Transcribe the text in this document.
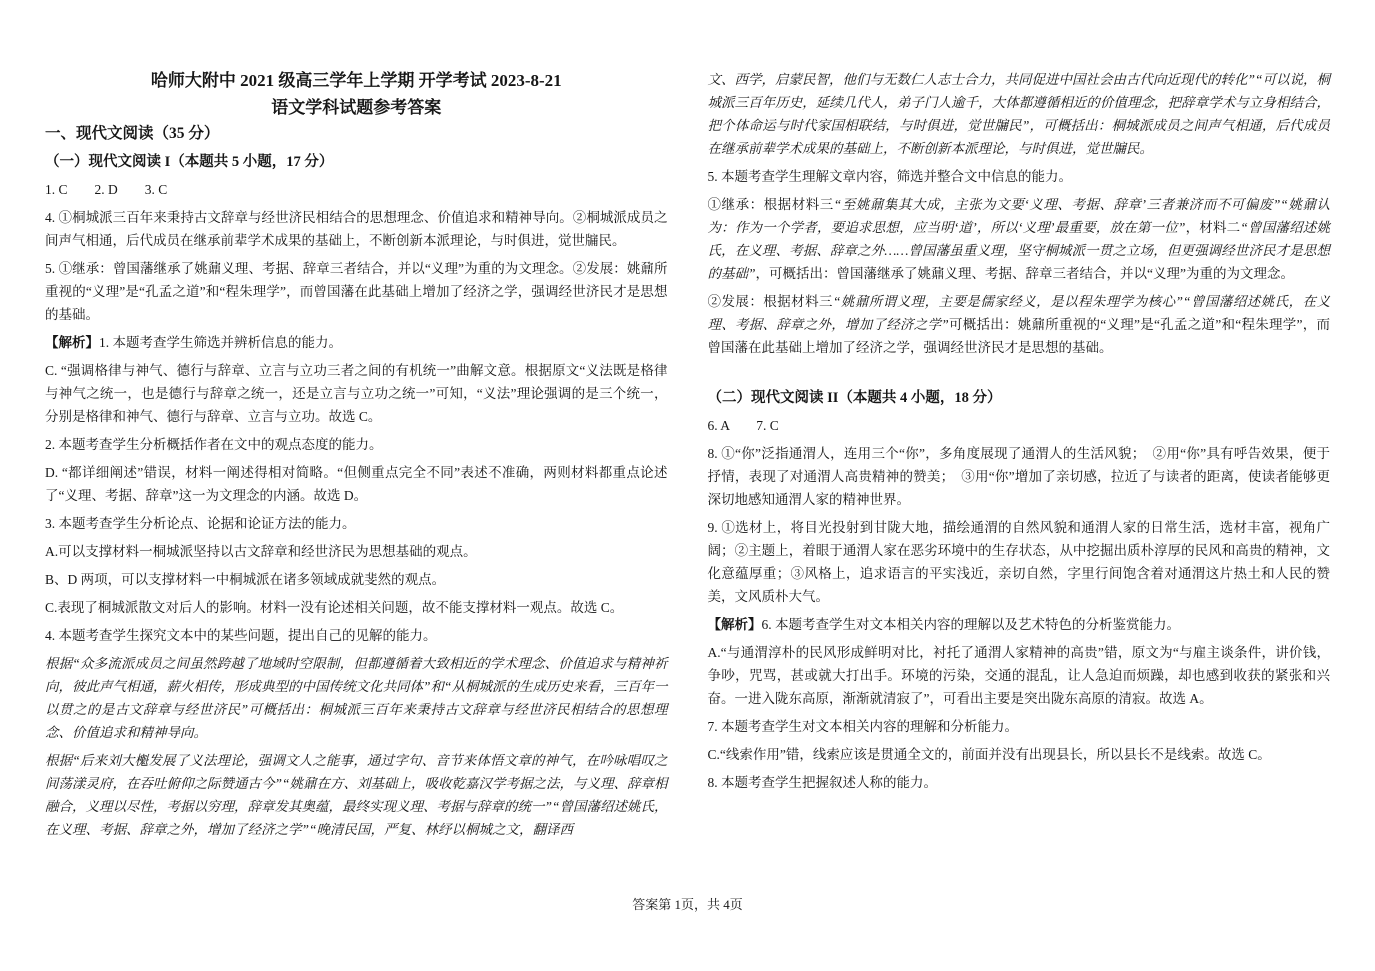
哈师大附中 2021 级高三学年上学期 开学考试 2023-8-21
语文学科试题参考答案

一、现代文阅读（35 分）

（一）现代文阅读 I（本题共 5 小题，17 分）

1. C　　2. D　　3. C

4. ①桐城派三百年来秉持古文辞章与经世济民相结合的思想理念、价值追求和精神导向。②桐城派成员之间声气相通，后代成员在继承前辈学术成果的基础上，不断创新本派理论，与时俱进，觉世牖民。

5. ①继承：曾国藩继承了姚鼐义理、考据、辞章三者结合，并以“义理”为重的为文理念。②发展：姚鼐所重视的“义理”是“孔孟之道”和“程朱理学”，而曾国藩在此基础上增加了经济之学，强调经世济民才是思想的基础。

【解析】1. 本题考查学生筛选并辨析信息的能力。

C. “强调格律与神气、德行与辞章、立言与立功三者之间的有机统一”曲解文意。根据原文“义法既是格律与神气之统一，也是德行与辞章之统一，还是立言与立功之统一”可知，“义法”理论强调的是三个统一，分别是格律和神气、德行与辞章、立言与立功。故选 C。

2. 本题考查学生分析概括作者在文中的观点态度的能力。

D. “都详细阐述”错误，材料一阐述得相对简略。“但侧重点完全不同”表述不准确，两则材料都重点论述了“义理、考据、辞章”这一为文理念的内涵。故选 D。

3. 本题考查学生分析论点、论据和论证方法的能力。

A.可以支撑材料一桐城派坚持以古文辞章和经世济民为思想基础的观点。

B、D 两项，可以支撑材料一中桐城派在诸多领域成就斐然的观点。

C.表现了桐城派散文对后人的影响。材料一没有论述相关问题，故不能支撑材料一观点。故选 C。

4. 本题考查学生探究文本中的某些问题，提出自己的见解的能力。

根据“众多流派成员之间虽然跨越了地域时空限制，但都遵循着大致相近的学术理念、价值追求与精神祈向，彼此声气相通，薪火相传，形成典型的中国传统文化共同体”和“从桐城派的生成历史来看，三百年一以贯之的是古文辞章与经世济民”可概括出：桐城派三百年来秉持古文辞章与经世济民相结合的思想理念、价值追求和精神导向。

根据“后来刘大櫆发展了义法理论，强调文人之能事，通过字句、音节来体悟文章的神气，在吟咏唱叹之间荡漾灵府，在吞吐俯仰之际赞通古今”“姚鼐在方、刘基础上，吸收乾嘉汉学考据之法，与义理、辞章相融合，义理以尽性，考据以穷理，辞章发其奥蕴，最终实现义理、考据与辞章的统一”“曾国藩绍述姚氏，在义理、考据、辞章之外，增加了经济之学”“晚清民国，严复、林纾以桐城之文，翻译西

文、西学，启蒙民智，他们与无数仁人志士合力，共同促进中国社会由古代向近现代的转化”“可以说，桐城派三百年历史，延续几代人，弟子门人逾千，大体都遵循相近的价值理念，把辞章学术与立身相结合，把个体命运与时代家国相联结，与时俱进，觉世牖民”，可概括出：桐城派成员之间声气相通，后代成员在继承前辈学术成果的基础上，不断创新本派理论，与时俱进，觉世牖民。

5. 本题考查学生理解文章内容，筛选并整合文中信息的能力。

①继承：根据材料三“至姚鼐集其大成，主张为文要‘义理、考据、辞章’三者兼济而不可偏废”“姚鼐认为：作为一个学者，要追求思想，应当明‘道’，所以‘义理’最重要，放在第一位”，材料二“曾国藩绍述姚氏，在义理、考据、辞章之外……曾国藩虽重义理，坚守桐城派一贯之立场，但更强调经世济民才是思想的基础”，可概括出：曾国藩继承了姚鼐义理、考据、辞章三者结合，并以“义理”为重的为文理念。

②发展：根据材料三“姚鼐所谓义理，主要是儒家经义，是以程朱理学为核心”“曾国藩绍述姚氏，在义理、考据、辞章之外，增加了经济之学”可概括出：姚鼐所重视的“义理”是“孔孟之道”和“程朱理学”，而曾国藩在此基础上增加了经济之学，强调经世济民才是思想的基础。

（二）现代文阅读 II（本题共 4 小题，18 分）

6. A　　7. C

8. ①“你”泛指通渭人，连用三个“你”，多角度展现了通渭人的生活风貌；　②用“你”具有呼告效果，便于抒情，表现了对通渭人高贵精神的赞美；　③用“你”增加了亲切感，拉近了与读者的距离，使读者能够更深切地感知通渭人家的精神世界。

9. ①选材上，将目光投射到甘陇大地，描绘通渭的自然风貌和通渭人家的日常生活，选材丰富，视角广阔；②主题上，着眼于通渭人家在恶劣环境中的生存状态，从中挖掘出质朴淳厚的民风和高贵的精神，文化意蕴厚重；③风格上，追求语言的平实浅近，亲切自然，字里行间饱含着对通渭这片热土和人民的赞美，文风质朴大气。

【解析】6. 本题考查学生对文本相关内容的理解以及艺术特色的分析鉴赏能力。

A.“与通渭淳朴的民风形成鲜明对比，衬托了通渭人家精神的高贵”错，原文为“与雇主谈条件，讲价钱，争吵，咒骂，甚或就大打出手。环境的污染，交通的混乱，让人急迫而烦躁，却也感到收获的紧张和兴奋。一进入陇东高原，渐渐就清寂了”，可看出主要是突出陇东高原的清寂。故选 A。

7. 本题考查学生对文本相关内容的理解和分析能力。

C.“线索作用”错，线索应该是贯通全文的，前面并没有出现县长，所以县长不是线索。故选 C。

8. 本题考查学生把握叙述人称的能力。

答案第 1页，共 4页
